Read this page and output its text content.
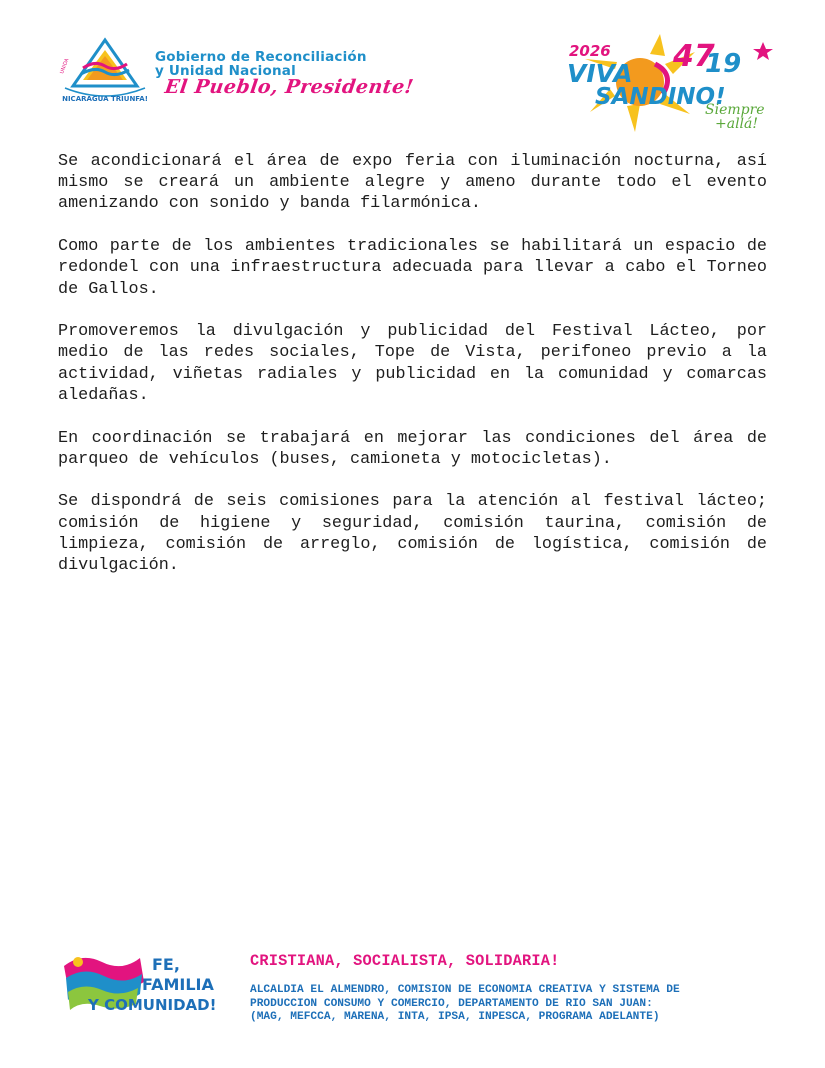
NICARAGUA TRIUNFA!
UNIDA
Gobierno de Reconciliación
y Unidad Nacional
El Pueblo, Presidente!
2026 47
19
VIVA
SANDINO!
Siempre
+allá!

Se acondicionará el área de expo feria con iluminación nocturna, así mismo se creará un ambiente alegre y ameno durante todo el evento amenizando con sonido y banda filarmónica.

Como parte de los ambientes tradicionales se habilitará un espacio de redondel con una infraestructura adecuada para llevar a cabo el Torneo de Gallos.

Promoveremos la divulgación y publicidad del Festival Lácteo, por medio de las redes sociales, Tope de Vista, perifoneo previo a la actividad, viñetas radiales y publicidad en la comunidad y comarcas aledañas.

En coordinación se trabajará en mejorar las condiciones del área de parqueo de vehículos (buses, camioneta y motocicletas).

Se dispondrá de seis comisiones para la atención al festival lácteo; comisión de higiene y seguridad, comisión taurina, comisión de limpieza, comisión de arreglo, comisión de logística, comisión de divulgación.

FE,
FAMILIA
Y COMUNIDAD!
CRISTIANA, SOCIALISTA, SOLIDARIA!
ALCALDIA EL ALMENDRO, COMISION DE ECONOMIA CREATIVA Y SISTEMA DE
PRODUCCION CONSUMO Y COMERCIO, DEPARTAMENTO DE RIO SAN JUAN:
(MAG, MEFCCA, MARENA, INTA, IPSA, INPESCA, PROGRAMA ADELANTE)
